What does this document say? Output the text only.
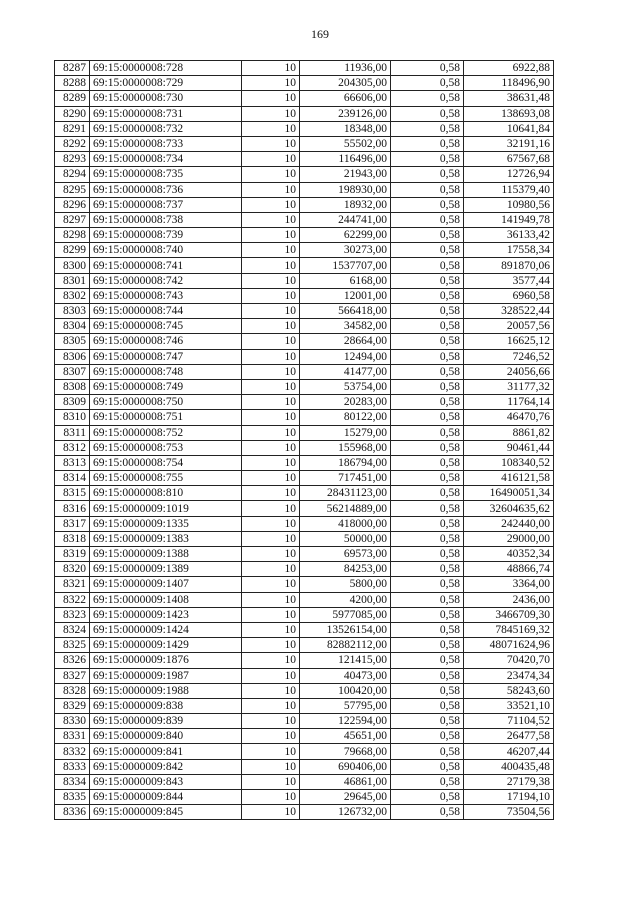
169
8287	69:15:0000008:728	10	11936,00	0,58	6922,88
8288	69:15:0000008:729	10	204305,00	0,58	118496,90
8289	69:15:0000008:730	10	66606,00	0,58	38631,48
8290	69:15:0000008:731	10	239126,00	0,58	138693,08
8291	69:15:0000008:732	10	18348,00	0,58	10641,84
8292	69:15:0000008:733	10	55502,00	0,58	32191,16
8293	69:15:0000008:734	10	116496,00	0,58	67567,68
8294	69:15:0000008:735	10	21943,00	0,58	12726,94
8295	69:15:0000008:736	10	198930,00	0,58	115379,40
8296	69:15:0000008:737	10	18932,00	0,58	10980,56
8297	69:15:0000008:738	10	244741,00	0,58	141949,78
8298	69:15:0000008:739	10	62299,00	0,58	36133,42
8299	69:15:0000008:740	10	30273,00	0,58	17558,34
8300	69:15:0000008:741	10	1537707,00	0,58	891870,06
8301	69:15:0000008:742	10	6168,00	0,58	3577,44
8302	69:15:0000008:743	10	12001,00	0,58	6960,58
8303	69:15:0000008:744	10	566418,00	0,58	328522,44
8304	69:15:0000008:745	10	34582,00	0,58	20057,56
8305	69:15:0000008:746	10	28664,00	0,58	16625,12
8306	69:15:0000008:747	10	12494,00	0,58	7246,52
8307	69:15:0000008:748	10	41477,00	0,58	24056,66
8308	69:15:0000008:749	10	53754,00	0,58	31177,32
8309	69:15:0000008:750	10	20283,00	0,58	11764,14
8310	69:15:0000008:751	10	80122,00	0,58	46470,76
8311	69:15:0000008:752	10	15279,00	0,58	8861,82
8312	69:15:0000008:753	10	155968,00	0,58	90461,44
8313	69:15:0000008:754	10	186794,00	0,58	108340,52
8314	69:15:0000008:755	10	717451,00	0,58	416121,58
8315	69:15:0000008:810	10	28431123,00	0,58	16490051,34
8316	69:15:0000009:1019	10	56214889,00	0,58	32604635,62
8317	69:15:0000009:1335	10	418000,00	0,58	242440,00
8318	69:15:0000009:1383	10	50000,00	0,58	29000,00
8319	69:15:0000009:1388	10	69573,00	0,58	40352,34
8320	69:15:0000009:1389	10	84253,00	0,58	48866,74
8321	69:15:0000009:1407	10	5800,00	0,58	3364,00
8322	69:15:0000009:1408	10	4200,00	0,58	2436,00
8323	69:15:0000009:1423	10	5977085,00	0,58	3466709,30
8324	69:15:0000009:1424	10	13526154,00	0,58	7845169,32
8325	69:15:0000009:1429	10	82882112,00	0,58	48071624,96
8326	69:15:0000009:1876	10	121415,00	0,58	70420,70
8327	69:15:0000009:1987	10	40473,00	0,58	23474,34
8328	69:15:0000009:1988	10	100420,00	0,58	58243,60
8329	69:15:0000009:838	10	57795,00	0,58	33521,10
8330	69:15:0000009:839	10	122594,00	0,58	71104,52
8331	69:15:0000009:840	10	45651,00	0,58	26477,58
8332	69:15:0000009:841	10	79668,00	0,58	46207,44
8333	69:15:0000009:842	10	690406,00	0,58	400435,48
8334	69:15:0000009:843	10	46861,00	0,58	27179,38
8335	69:15:0000009:844	10	29645,00	0,58	17194,10
8336	69:15:0000009:845	10	126732,00	0,58	73504,56
